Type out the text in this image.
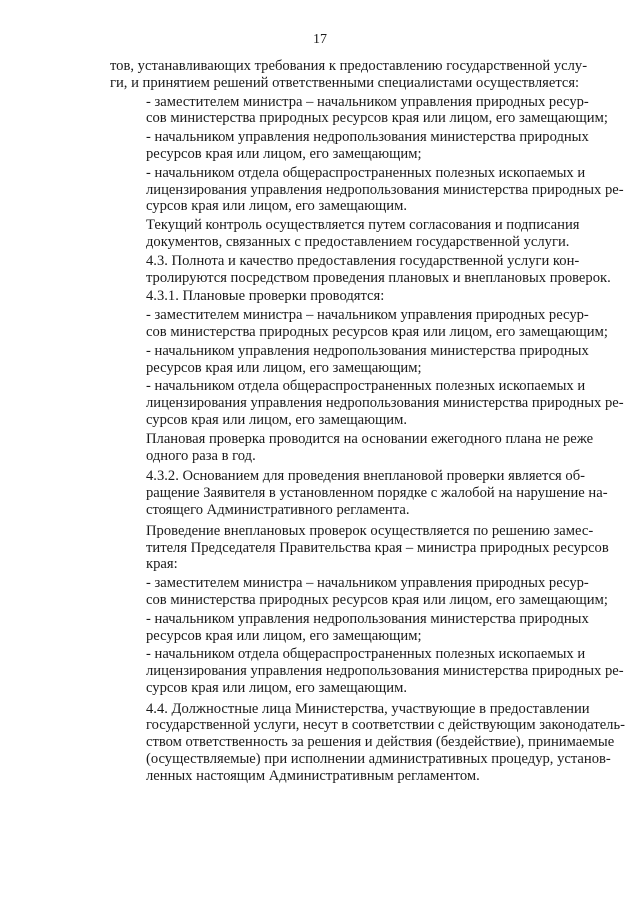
17

тов, устанавливающих требования к предоставлению государственной услу-
ги, и принятием решений ответственными специалистами осуществляется:

- заместителем министра – начальником управления природных ресур-
сов министерства природных ресурсов края или лицом, его замещающим;

- начальником управления недропользования министерства природных
ресурсов края или лицом, его замещающим;

- начальником отдела общераспространенных полезных ископаемых и
лицензирования управления недропользования министерства природных ре-
сурсов края или лицом, его замещающим.

Текущий контроль осуществляется путем согласования и подписания
документов, связанных с предоставлением государственной услуги.

4.3. Полнота и качество предоставления государственной услуги кон-
тролируются посредством проведения плановых и внеплановых проверок.

4.3.1. Плановые проверки проводятся:

- заместителем министра – начальником управления природных ресур-
сов министерства природных ресурсов края или лицом, его замещающим;

- начальником управления недропользования министерства природных
ресурсов края или лицом, его замещающим;

- начальником отдела общераспространенных полезных ископаемых и
лицензирования управления недропользования министерства природных ре-
сурсов края или лицом, его замещающим.

Плановая проверка проводится на основании ежегодного плана не реже
одного раза в год.

4.3.2. Основанием для проведения внеплановой проверки является об-
ращение Заявителя в установленном порядке с жалобой на нарушение на-
стоящего Административного регламента.

Проведение внеплановых проверок осуществляется по решению замес-
тителя Председателя Правительства края – министра природных ресурсов
края:

- заместителем министра – начальником управления природных ресур-
сов министерства природных ресурсов края или лицом, его замещающим;

- начальником управления недропользования министерства природных
ресурсов края или лицом, его замещающим;

- начальником отдела общераспространенных полезных ископаемых и
лицензирования управления недропользования министерства природных ре-
сурсов края или лицом, его замещающим.

4.4. Должностные лица Министерства, участвующие в предоставлении
государственной услуги, несут в соответствии с действующим законодатель-
ством ответственность за решения и действия (бездействие), принимаемые
(осуществляемые) при исполнении административных процедур, установ-
ленных настоящим Административным регламентом.
